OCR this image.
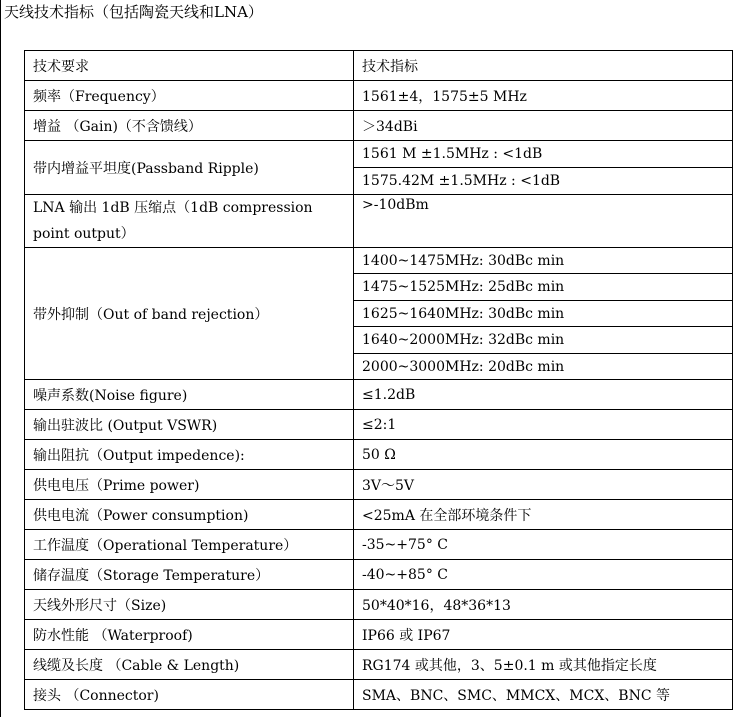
天线技术指标（包括陶瓷天线和LNA）
技术要求	技术指标
频率（Frequency）	1561±4，1575±5 MHz
增益 （Gain)（不含馈线）	＞34dBi
带内增益平坦度(Passband Ripple)	1561 M ±1.5MHz : <1dB
	1575.42M ±1.5MHz : <1dB
LNA 输出 1dB 压缩点（1dB compression point output）	>-10dBm
带外抑制（Out of band rejection）	1400~1475MHz: 30dBc min
	1475~1525MHz: 25dBc min
	1625~1640MHz: 30dBc min
	1640~2000MHz: 32dBc min
	2000~3000MHz: 20dBc min
噪声系数(Noise figure)	≤1.2dB
输出驻波比 (Output VSWR)	≤2:1
输出阻抗（Output impedence):	50 Ω
供电电压（Prime power)	3V～5V
供电电流（Power consumption)	<25mA 在全部环境条件下
工作温度（Operational Temperature）	-35~+75° C
储存温度（Storage Temperature）	-40~+85° C
天线外形尺寸（Size)	50*40*16，48*36*13
防水性能 （Waterproof)	IP66 或 IP67
线缆及长度 （Cable & Length)	RG174 或其他，3、5±0.1 m 或其他指定长度
接头 （Connector)	SMA、BNC、SMC、MMCX、MCX、BNC 等
